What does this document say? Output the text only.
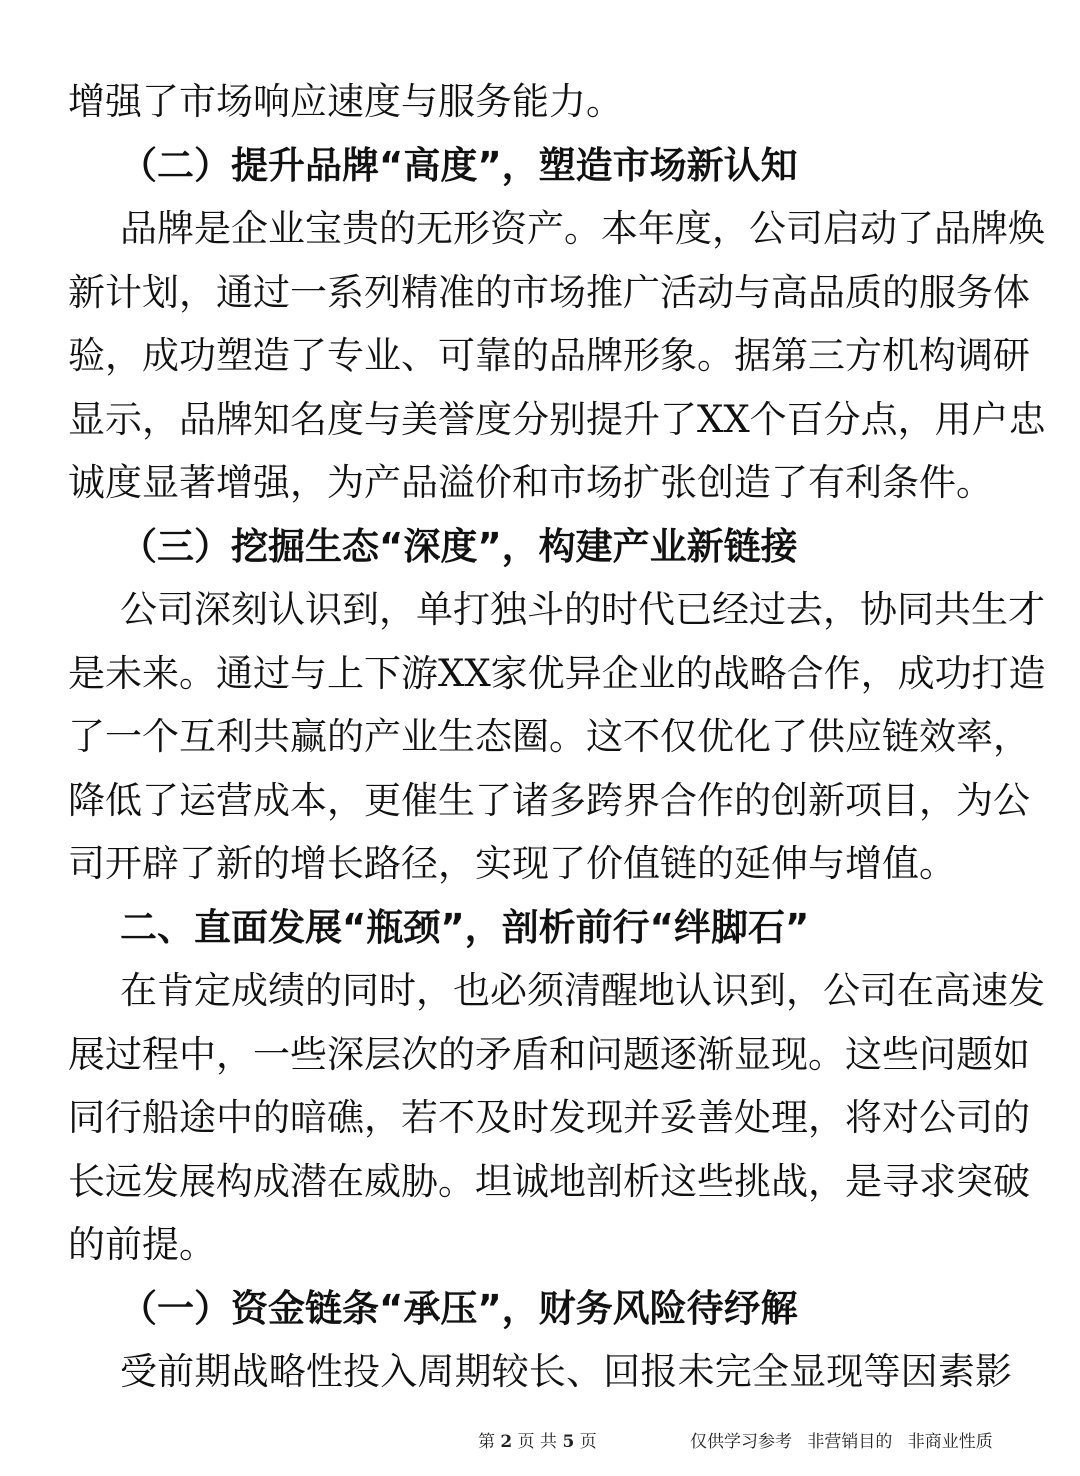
增强了市场响应速度与服务能力。
（二）提升品牌“高度”，塑造市场新认知
品牌是企业宝贵的无形资产。本年度，公司启动了品牌焕
新计划，通过一系列精准的市场推广活动与高品质的服务体
验，成功塑造了专业、可靠的品牌形象。据第三方机构调研
显示，品牌知名度与美誉度分别提升了XX个百分点，用户忠
诚度显著增强，为产品溢价和市场扩张创造了有利条件。
（三）挖掘生态“深度”，构建产业新链接
公司深刻认识到，单打独斗的时代已经过去，协同共生才
是未来。通过与上下游XX家优异企业的战略合作，成功打造
了一个互利共赢的产业生态圈。这不仅优化了供应链效率，
降低了运营成本，更催生了诸多跨界合作的创新项目，为公
司开辟了新的增长路径，实现了价值链的延伸与增值。
二、直面发展“瓶颈”，剖析前行“绊脚石”
在肯定成绩的同时，也必须清醒地认识到，公司在高速发
展过程中，一些深层次的矛盾和问题逐渐显现。这些问题如
同行船途中的暗礁，若不及时发现并妥善处理，将对公司的
长远发展构成潜在威胁。坦诚地剖析这些挑战，是寻求突破
的前提。
（一）资金链条“承压”，财务风险待纾解
受前期战略性投入周期较长、回报未完全显现等因素影
第 2 页 共 5 页	仅供学习参考 非营销目的 非商业性质
